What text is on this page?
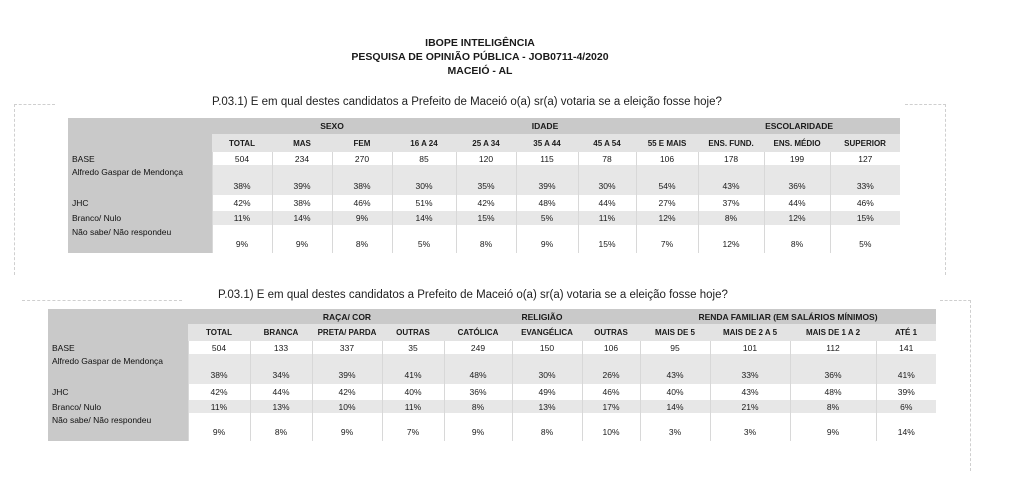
IBOPE INTELIGÊNCIA
PESQUISA DE OPINIÃO PÚBLICA - JOB0711-4/2020
MACEIÓ - AL
P.03.1) E em qual destes candidatos a Prefeito de Maceió o(a) sr(a) votaria se a eleição fosse hoje?
		SEXO		IDADE					ESCOLARIDADE		
	TOTAL	MAS	FEM	16 A 24	25 A 34	35 A 44	45 A 54	55 E MAIS	ENS. FUND.	ENS. MÉDIO	SUPERIOR
BASE	504	234	270	85	120	115	78	106	178	199	127
Alfredo Gaspar de Mendonça	38%	39%	38%	30%	35%	39%	30%	54%	43%	36%	33%
JHC	42%	38%	46%	51%	42%	48%	44%	27%	37%	44%	46%
Branco/ Nulo	11%	14%	9%	14%	15%	5%	11%	12%	8%	12%	15%
Não sabe/ Não respondeu	9%	9%	8%	5%	8%	9%	15%	7%	12%	8%	5%
P.03.1) E em qual destes candidatos a Prefeito de Maceió o(a) sr(a) votaria se a eleição fosse hoje?
		RAÇA/ COR			RELIGIÃO			RENDA FAMILIAR (EM SALÁRIOS MÍNIMOS)			
	TOTAL	BRANCA	PRETA/ PARDA	OUTRAS	CATÓLICA	EVANGÉLICA	OUTRAS	MAIS DE 5	MAIS DE 2 A 5	MAIS DE 1 A 2	ATÉ 1
BASE	504	133	337	35	249	150	106	95	101	112	141
Alfredo Gaspar de Mendonça	38%	34%	39%	41%	48%	30%	26%	43%	33%	36%	41%
JHC	42%	44%	42%	40%	36%	49%	46%	40%	43%	48%	39%
Branco/ Nulo	11%	13%	10%	11%	8%	13%	17%	14%	21%	8%	6%
Não sabe/ Não respondeu	9%	8%	9%	7%	9%	8%	10%	3%	3%	9%	14%
